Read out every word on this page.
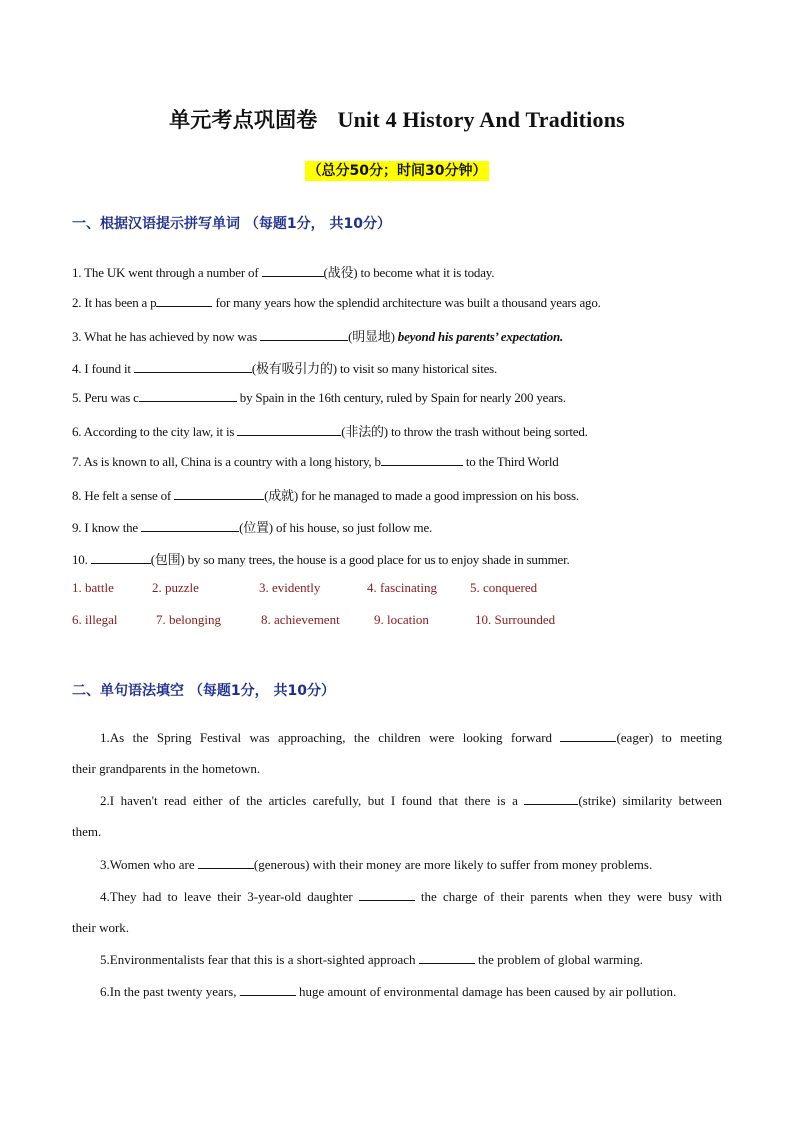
单元考点巩固卷 Unit 4 History And Traditions
（总分50分；时间30分钟）
一、根据汉语提示拼写单词 （每题1分， 共10分）
1. The UK went through a number of	(战役) to become what it is today.
2. It has been a p	for many years how the splendid architecture was built a thousand years ago.
3. What he has achieved by now was	(明显地) beyond his parents’ expectation.
4. I found it	(极有吸引力的) to visit so many historical sites.
5. Peru was c	by Spain in the 16th century, ruled by Spain for nearly 200 years.
6. According to the city law, it is	(非法的) to throw the trash without being sorted.
7. As is known to all, China is a country with a long history, b	to the Third World
8. He felt a sense of	(成就) for he managed to made a good impression on his boss.
9. I know the	(位置) of his house, so just follow me.
10.	(包围) by so many trees, the house is a good place for us to enjoy shade in summer.
1. battle	2. puzzle	3. evidently	4. fascinating	5. conquered
6. illegal	7. belonging	8. achievement	9. location	10. Surrounded
二、单句语法填空 （每题1分， 共10分）
1.As the Spring Festival was approaching, the children were looking forward	(eager) to meeting
their grandparents in the hometown.
2.I haven't read either of the articles carefully, but I found that there is a	(strike) similarity between
them.
3.Women who are	(generous) with their money are more likely to suffer from money problems.
4.They had to leave their 3-year-old daughter	the charge of their parents when they were busy with
their work.
5.Environmentalists fear that this is a short-sighted approach	the problem of global warming.
6.In the past twenty years,	huge amount of environmental damage has been caused by air pollution.
